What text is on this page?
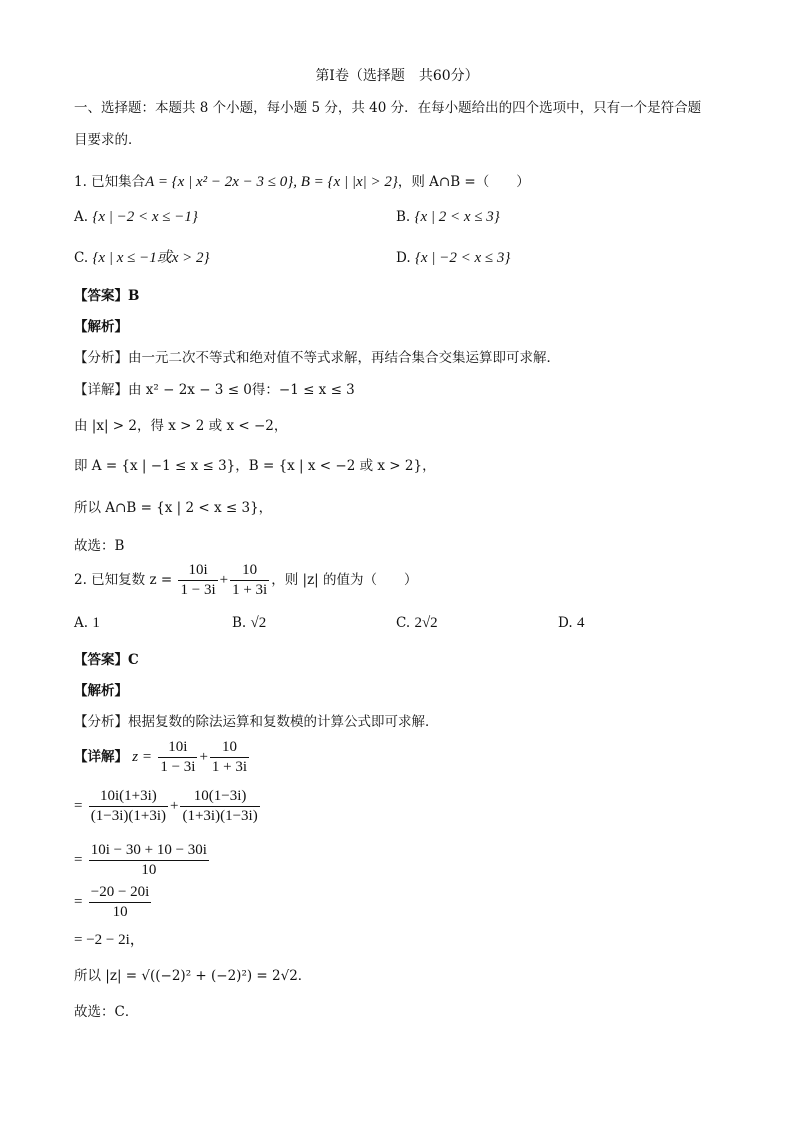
第Ⅰ卷（选择题　共60分）
一、选择题：本题共 8 个小题，每小题 5 分，共 40 分．在每小题给出的四个选项中，只有一个是符合题
目要求的．
1. 已知集合A = {x | x² − 2x − 3 ≤ 0}, B = {x | |x| > 2}，则 A∩B =（　　）
A. {x | −2 < x ≤ −1}	B. {x | 2 < x ≤ 3}
C. {x | x ≤ −1或x > 2}	D. {x | −2 < x ≤ 3}
【答案】B
【解析】
【分析】由一元二次不等式和绝对值不等式求解，再结合集合交集运算即可求解．
【详解】由 x² − 2x − 3 ≤ 0得：−1 ≤ x ≤ 3
由 |x| > 2，得 x > 2 或 x < −2，
即 A = {x | −1 ≤ x ≤ 3}，B = {x | x < −2 或 x > 2}，
所以 A∩B = {x | 2 < x ≤ 3}，
故选：B
2. 已知复数 $z = \frac{10i}{1 - 3i} + \frac{10}{1 + 3i}$ ，则 |z| 的值为（　　）
A. 1	B. √2	C. 2√2	D. 4
【答案】C
【解析】
【分析】根据复数的除法运算和复数模的计算公式即可求解．
【详解】 $z = \frac{10i}{1 - 3i} + \frac{10}{1 + 3i}$
= $\frac{10i(1+3i)}{(1-3i)(1+3i)} + \frac{10(1-3i)}{(1+3i)(1-3i)}$
= $\frac{10i - 30 + 10 - 30i}{10}$
= $\frac{-20 - 20i}{10}$
= −2 − 2i，
所以 |z| = √((−2)² + (−2)²) = 2√2．
故选：C．
